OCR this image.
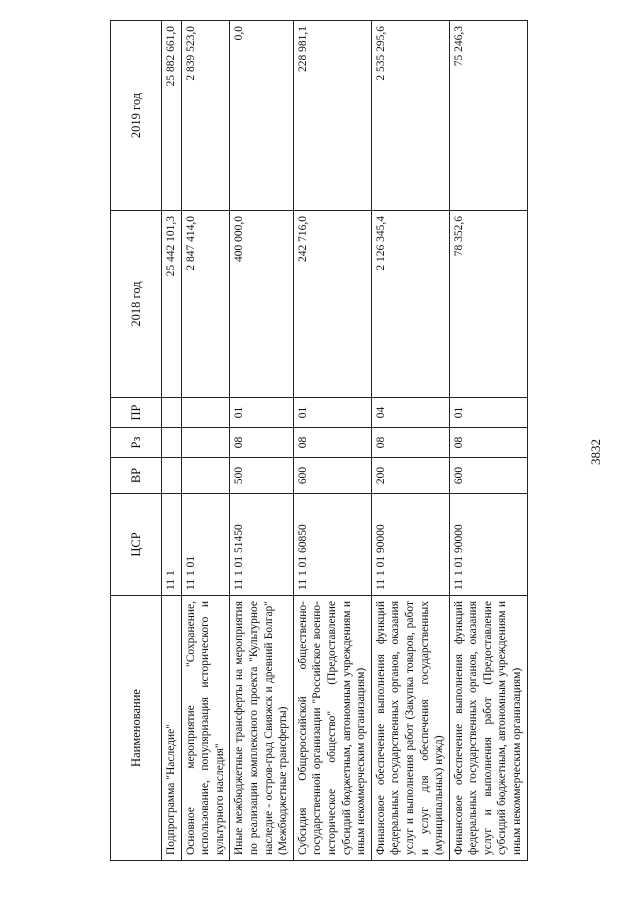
3832
Наименование	ЦСР	ВР	Рз	ПР	2018 год	2019 год
Подпрограмма "Наследие"	11 1				25 442 101,3	25 882 661,0
Основное мероприятие "Сохранение, использование, популяризация исторического и культурного наследия"	11 1 01				2 847 414,0	2 839 523,0
Иные межбюджетные трансферты на мероприятия по реализации комплексного проекта "Культурное наследие - остров-град Свияжск и древний Болгар" (Межбюджетные трансферты)	11 1 01 51450	500	08	01	400 000,0	0,0
Субсидия Общероссийской общественно-государственной организации "Российское военно-историческое общество" (Предоставление субсидий бюджетным, автономным учреждениям и иным некоммерческим организациям)	11 1 01 60850	600	08	01	242 716,0	228 981,1
Финансовое обеспечение выполнения функций федеральных государственных органов, оказания услуг и выполнения работ (Закупка товаров, работ и услуг для обеспечения государственных (муниципальных) нужд)	11 1 01 90000	200	08	04	2 126 345,4	2 535 295,6
Финансовое обеспечение выполнения функций федеральных государственных органов, оказания услуг и выполнения работ (Предоставление субсидий бюджетным, автономным учреждениям и иным некоммерческим организациям)	11 1 01 90000	600	08	01	78 352,6	75 246,3
